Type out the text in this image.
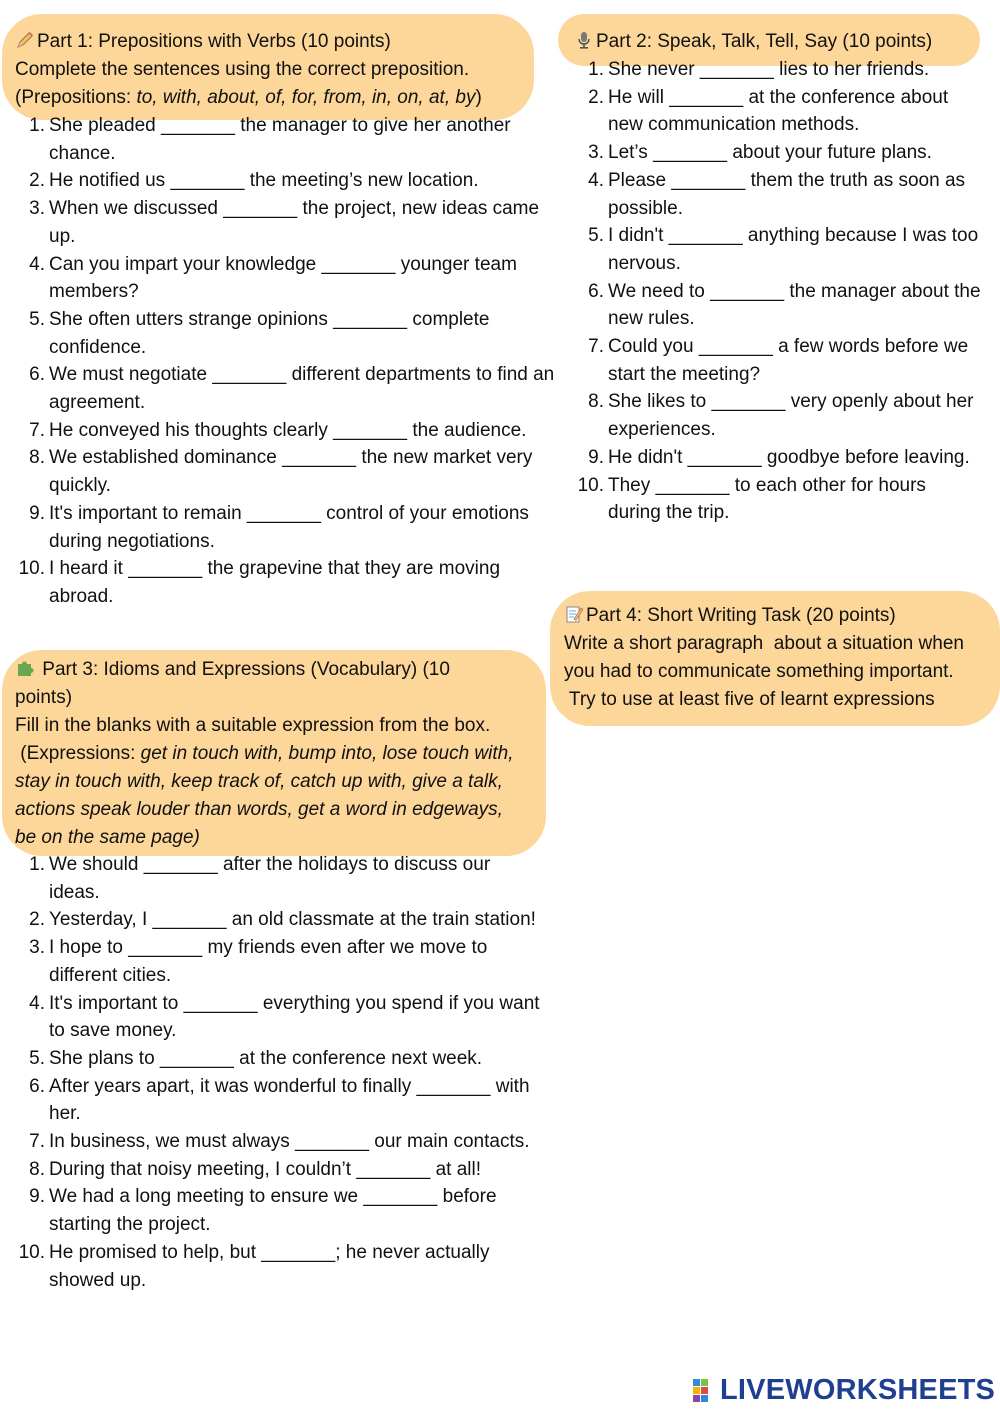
Part 1: Prepositions with Verbs (10 points)
Complete the sentences using the correct preposition.
(Prepositions: to, with, about, of, for, from, in, on, at, by)
1. She pleaded _______ the manager to give her another chance.
2. He notified us _______ the meeting’s new location.
3. When we discussed _______ the project, new ideas came up.
4. Can you impart your knowledge _______ younger team members?
5. She often utters strange opinions _______ complete confidence.
6. We must negotiate _______ different departments to find an agreement.
7. He conveyed his thoughts clearly _______ the audience.
8. We established dominance _______ the new market very quickly.
9. It's important to remain _______ control of your emotions during negotiations.
10. I heard it _______ the grapevine that they are moving abroad.
Part 3: Idioms and Expressions (Vocabulary) (10
points)
Fill in the blanks with a suitable expression from the box.
(Expressions: get in touch with, bump into, lose touch with,
stay in touch with, keep track of, catch up with, give a talk,
actions speak louder than words, get a word in edgeways,
be on the same page)
1. We should _______ after the holidays to discuss our ideas.
2. Yesterday, I _______ an old classmate at the train station!
3. I hope to _______ my friends even after we move to different cities.
4. It's important to _______ everything you spend if you want to save money.
5. She plans to _______ at the conference next week.
6. After years apart, it was wonderful to finally _______ with her.
7. In business, we must always _______ our main contacts.
8. During that noisy meeting, I couldn’t _______ at all!
9. We had a long meeting to ensure we _______ before starting the project.
10. He promised to help, but _______; he never actually showed up.
Part 2: Speak, Talk, Tell, Say (10 points)
1. She never _______ lies to her friends.
2. He will _______ at the conference about new communication methods.
3. Let’s _______ about your future plans.
4. Please _______ them the truth as soon as possible.
5. I didn't _______ anything because I was too nervous.
6. We need to _______ the manager about the new rules.
7. Could you _______ a few words before we start the meeting?
8. She likes to _______ very openly about her experiences.
9. He didn't _______ goodbye before leaving.
10. They _______ to each other for hours during the trip.
Part 4: Short Writing Task (20 points)
Write a short paragraph  about a situation when
you had to communicate something important.
Try to use at least five of learnt expressions
LIVEWORKSHEETS
